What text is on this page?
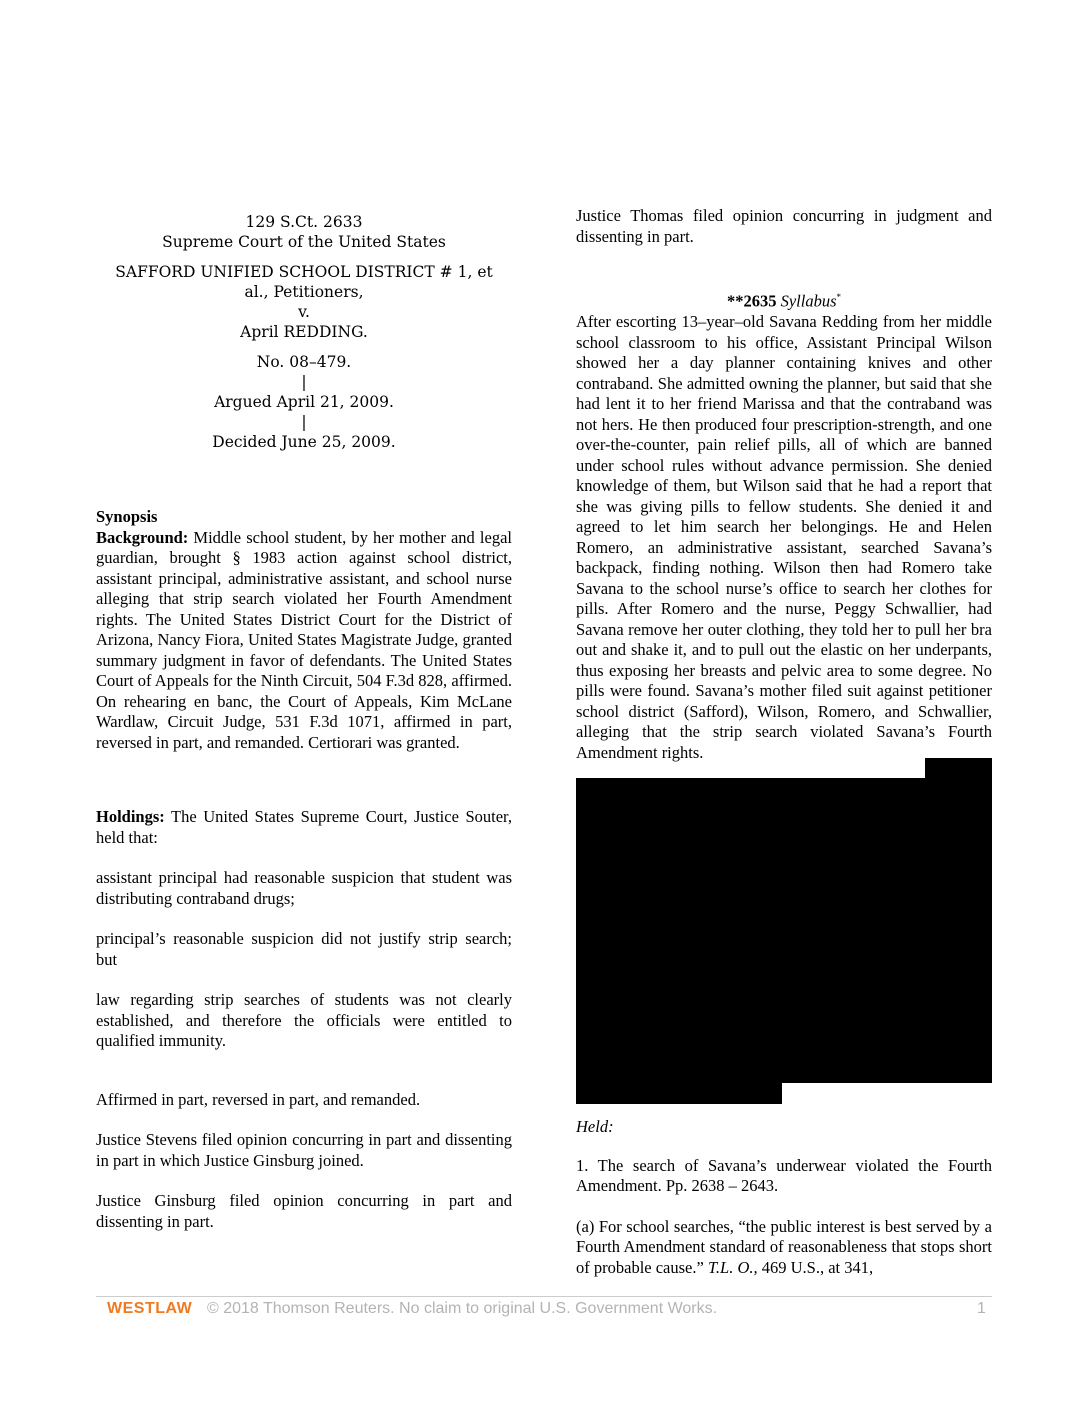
129 S.Ct. 2633
Supreme Court of the United States
SAFFORD UNIFIED SCHOOL DISTRICT # 1, et
al., Petitioners,
v.
April REDDING.
No. 08–479.
|
Argued April 21, 2009.
|
Decided June 25, 2009.
Synopsis

Background: Middle school student, by her mother and legal guardian, brought § 1983 action against school district, assistant principal, administrative assistant, and school nurse alleging that strip search violated her Fourth Amendment rights. The United States District Court for the District of Arizona, Nancy Fiora, United States Magistrate Judge, granted summary judgment in favor of defendants. The United States Court of Appeals for the Ninth Circuit, 504 F.3d 828, affirmed. On rehearing en banc, the Court of Appeals, Kim McLane Wardlaw, Circuit Judge, 531 F.3d 1071, affirmed in part, reversed in part, and remanded. Certiorari was granted.

Holdings: The United States Supreme Court, Justice Souter, held that:

assistant principal had reasonable suspicion that student was distributing contraband drugs;

principal’s reasonable suspicion did not justify strip search; but

law regarding strip searches of students was not clearly established, and therefore the officials were entitled to qualified immunity.

Affirmed in part, reversed in part, and remanded.

Justice Stevens filed opinion concurring in part and dissenting in part in which Justice Ginsburg joined.

Justice Ginsburg filed opinion concurring in part and dissenting in part.

Justice Thomas filed opinion concurring in judgment and dissenting in part.

**2635 Syllabus*

After escorting 13–year–old Savana Redding from her middle school classroom to his office, Assistant Principal Wilson showed her a day planner containing knives and other contraband. She admitted owning the planner, but said that she had lent it to her friend Marissa and that the contraband was not hers. He then produced four prescription-strength, and one over-the-counter, pain relief pills, all of which are banned under school rules without advance permission. She denied knowledge of them, but Wilson said that he had a report that she was giving pills to fellow students. She denied it and agreed to let him search her belongings. He and Helen Romero, an administrative assistant, searched Savana’s backpack, finding nothing. Wilson then had Romero take Savana to the school nurse’s office to search her clothes for pills. After Romero and the nurse, Peggy Schwallier, had Savana remove her outer clothing, they told her to pull her bra out and shake it, and to pull out the elastic on her underpants, thus exposing her breasts and pelvic area to some degree. No pills were found. Savana’s mother filed suit against petitioner school district (Safford), Wilson, Romero, and Schwallier, alleging that the strip search violated Savana’s Fourth Amendment rights.

Held:

1. The search of Savana’s underwear violated the Fourth Amendment. Pp. 2638 – 2643.

(a) For school searches, “the public interest is best served by a Fourth Amendment standard of reasonableness that stops short of probable cause.” T.L. O., 469 U.S., at 341,

WESTLAW © 2018 Thomson Reuters. No claim to original U.S. Government Works.	1
